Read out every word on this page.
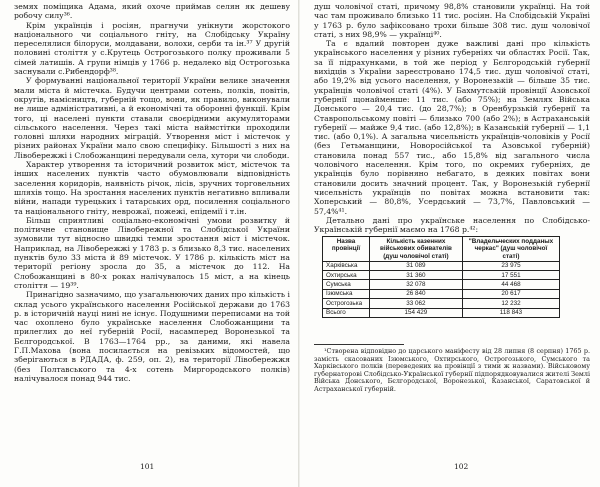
земях поміщика Адама, який охоче приймав селян як дешеву робочу силу³⁶.

Крім українців і росіян, прагнучи унікнути жорстокого національного чи соціального гніту, на Слобідську Україну переселялися білоруси, молдавани, волохи, серби та ін.³⁷ У другій половині століття у с.Крутець Острогозького полку проживали 5 сімей латишів. А групи німців у 1766 р. недалеко від Острогозька заснували с.Рибендорф³⁸.

У формуванні національної території України велике значення мали міста й містечка. Будучи центрами сотень, полків, повітів, округів, намісництв, губерній тощо, вони, як правило, виконували не лише адміністративні, а й економічні та оборонні функції. Крім того, ці населені пункти ставали своєрідними акумуляторами сільського населення. Через такі міста наймстітки проходили головні шляхи народних міграцій. Утворення міст і містечок у різних районах України мало свою специфіку. Більшості з них на Лівобережжі і Слобожанщині передували села, хутори чи слободи.

Характер утворення та історичний розвиток міст, містечок та інших населених пунктів часто обумовлювали відповідність заселення коридорів, наявність річок, лісів, зручних торговельних шляхів тощо. На зростання населених пунктів негативно впливали війни, напади турецьких і татарських орд, посилення соціального та національного гніту, неврожаї, пожежі, епідемії і т.ін.

Більш сприятливі соціально-економічні умови розвитку й політичне становище Лівобережної та Слобідської України зумовили тут відносно швидкі темпи зростання міст і містечок. Наприклад, на Лівобережжі у 1783 р. з близько 8,3 тис. населених пунктів було 33 міста й 89 містечок. У 1786 р. кількість міст на території регіону зросла до 35, а містечок до 112. На Слобожанщині в 80-х роках налічувалось 15 міст, а на кінець століття — 19³⁹.

Принагідно зазначимо, що узагальнюючих даних про кількість і склад усього українського населення Російської держави до 1763 р. в історичній науці нині не існує. Подушними переписами на той час охоплено було українське населення Слобожанщини та прилеглих до неї губерній Росії, насамперед Воронезької та Бєлгородської. В 1763—1764 рр., за даними, які навела Г.П.Махова (вона посилається на ревізьких відомостей, що зберігаються в РДАДА, ф. 259, оп. 2), на території Лівобережжя (без Полтавського та 4-х сотень Миргородського полків) налічувалося понад 944 тис.

101

душ чоловічої статі, причому 98,8% становили українці. На той час там проживало близько 11 тис. росіян. На Слобідській Україні у 1763 р. було зафіксовано трохи більше 308 тис. душ чоловічої статі, з них 98,9% — українці⁴⁰.

Та є вдалий повторен дуже важливі дані про кількість українського населення у різних губерніях чи областях Росії. Так, за її підрахунками, в той же період у Бєлгородській губернії вихідців з України зареєстровано 174,5 тис. душ чоловічої статі, або 19,2% від усього населення, у Воронезькій — більше 35 тис. українців чоловічої статі (4%). У Бахмутській провінції Азовської губернії щонайменше: 11 тис. (або 75%); на Землях Війська Донського — 20,4 тис. (до 28,7%); в Оренбурзькій губернії та Ставропольському повіті — близько 700 (або 2%); в Астраханській губернії — майже 9,4 тис. (або 12,8%); в Казанській губернії — 1,1 тис. (або 0,1%). А загальна чисельність українців-чоловіків у Росії (без Гетьманщини, Новоросійської та Азовської губерній) становила понад 557 тис., або 15,8% від загального числа чоловічого населення. Крім того, по окремих губерніях, де українців було порівняно небагато, в деяких повітах вони становили досить значний процент. Так, у Воронезькій губернії чисельність українців по повітах можна встановити так: Хоперський — 80,8%, Усердський — 73,7%, Павловський — 57,4%⁴¹.

Детально дані про українське населення по Слобідсько-Українській губернії маємо на 1768 р.⁴²:

Назва провінції	Кількість казенних військових обивателів (душ чоловічої статі)	"Владельческих подданых черкас" (душ чоловічої статі)
Харківська	31 089	23 975
Охтирська	31 360	17 551
Сумська	32 078	44 468
Ізюмська	26 840	20 617
Острогозька	33 062	12 232
Всього	154 429	118 843

¹Створена відповідно до царського маніфесту від 28 липня (8 серпня) 1765 р. замість скасованих Ізюмського, Охтирського, Острогозького, Сумського та Харківського полків (переведених на провінції з тими ж назвами). Військовому губернаторові Слобідсько-Української губернії підпорядковувалися жителі Землі Війська Донського, Бєлгородської, Воронезької, Казанської, Саратовської й Астраханської губерній.

102
